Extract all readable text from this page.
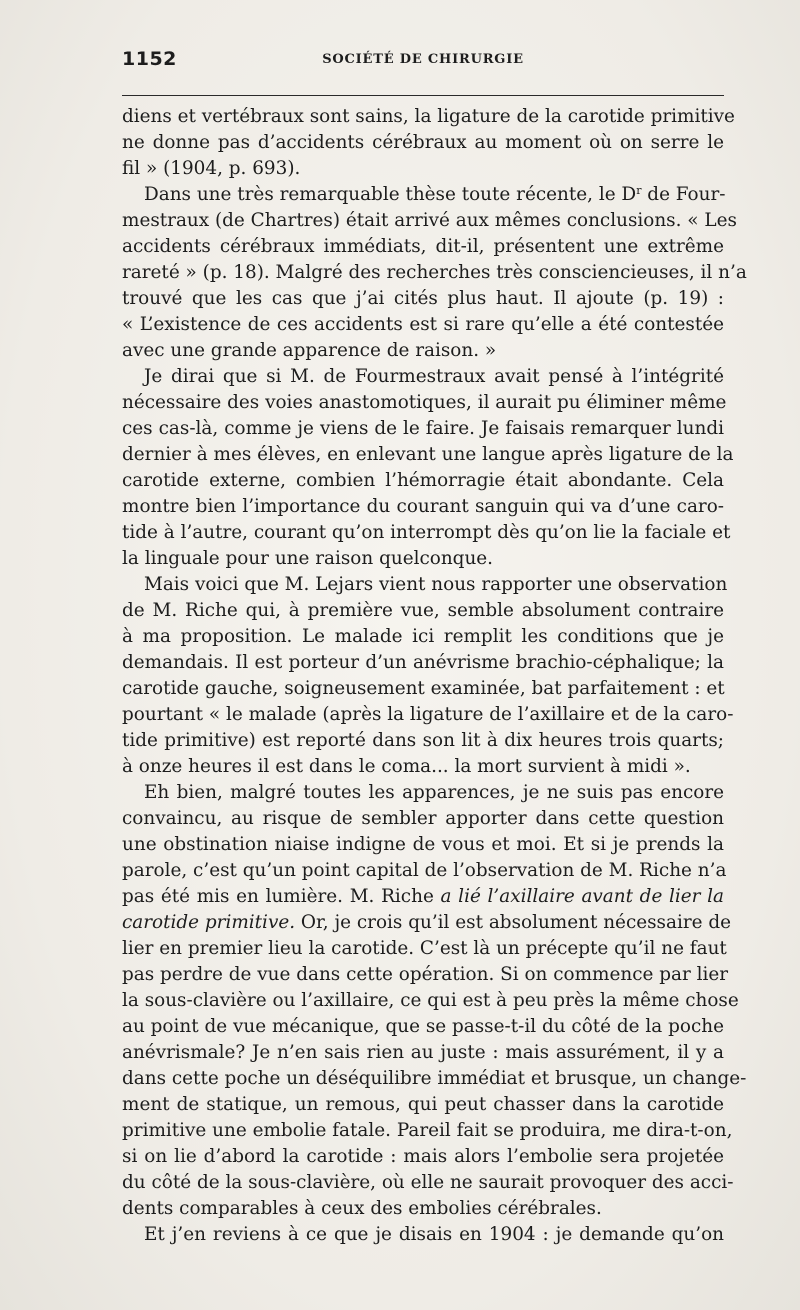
1152	SOCIÉTÉ DE CHIRURGIE
diens et vertébraux sont sains, la ligature de la carotide primitive
ne donne pas d’accidents cérébraux au moment où on serre le
fil » (1904, p. 693).
Dans une très remarquable thèse toute récente, le $D^r$ de Four-
mestraux (de Chartres) était arrivé aux mêmes conclusions. « Les
accidents cérébraux immédiats, dit-il, présentent une extrême
rareté » (p. 18). Malgré des recherches très consciencieuses, il n’a
trouvé que les cas que j’ai cités plus haut. Il ajoute (p. 19) :
« L’existence de ces accidents est si rare qu’elle a été contestée
avec une grande apparence de raison. »
Je dirai que si M. de Fourmestraux avait pensé à l’intégrité
nécessaire des voies anastomotiques, il aurait pu éliminer même
ces cas-là, comme je viens de le faire. Je faisais remarquer lundi
dernier à mes élèves, en enlevant une langue après ligature de la
carotide externe, combien l’hémorragie était abondante. Cela
montre bien l’importance du courant sanguin qui va d’une caro-
tide à l’autre, courant qu’on interrompt dès qu’on lie la faciale et
la linguale pour une raison quelconque.
Mais voici que M. Lejars vient nous rapporter une observation
de M. Riche qui, à première vue, semble absolument contraire
à ma proposition. Le malade ici remplit les conditions que je
demandais. Il est porteur d’un anévrisme brachio-céphalique; la
carotide gauche, soigneusement examinée, bat parfaitement : et
pourtant « le malade (après la ligature de l’axillaire et de la caro-
tide primitive) est reporté dans son lit à dix heures trois quarts;
à onze heures il est dans le coma... la mort survient à midi ».
Eh bien, malgré toutes les apparences, je ne suis pas encore
convaincu, au risque de sembler apporter dans cette question
une obstination niaise indigne de vous et moi. Et si je prends la
parole, c’est qu’un point capital de l’observation de M. Riche n’a
pas été mis en lumière. M. Riche a lié l’axillaire avant de lier la
carotide primitive. Or, je crois qu’il est absolument nécessaire de
lier en premier lieu la carotide. C’est là un précepte qu’il ne faut
pas perdre de vue dans cette opération. Si on commence par lier
la sous-clavière ou l’axillaire, ce qui est à peu près la même chose
au point de vue mécanique, que se passe-t-il du côté de la poche
anévrismale? Je n’en sais rien au juste : mais assurément, il y a
dans cette poche un déséquilibre immédiat et brusque, un change-
ment de statique, un remous, qui peut chasser dans la carotide
primitive une embolie fatale. Pareil fait se produira, me dira-t-on,
si on lie d’abord la carotide : mais alors l’embolie sera projetée
du côté de la sous-clavière, où elle ne saurait provoquer des acci-
dents comparables à ceux des embolies cérébrales.
Et j’en reviens à ce que je disais en 1904 : je demande qu’on
